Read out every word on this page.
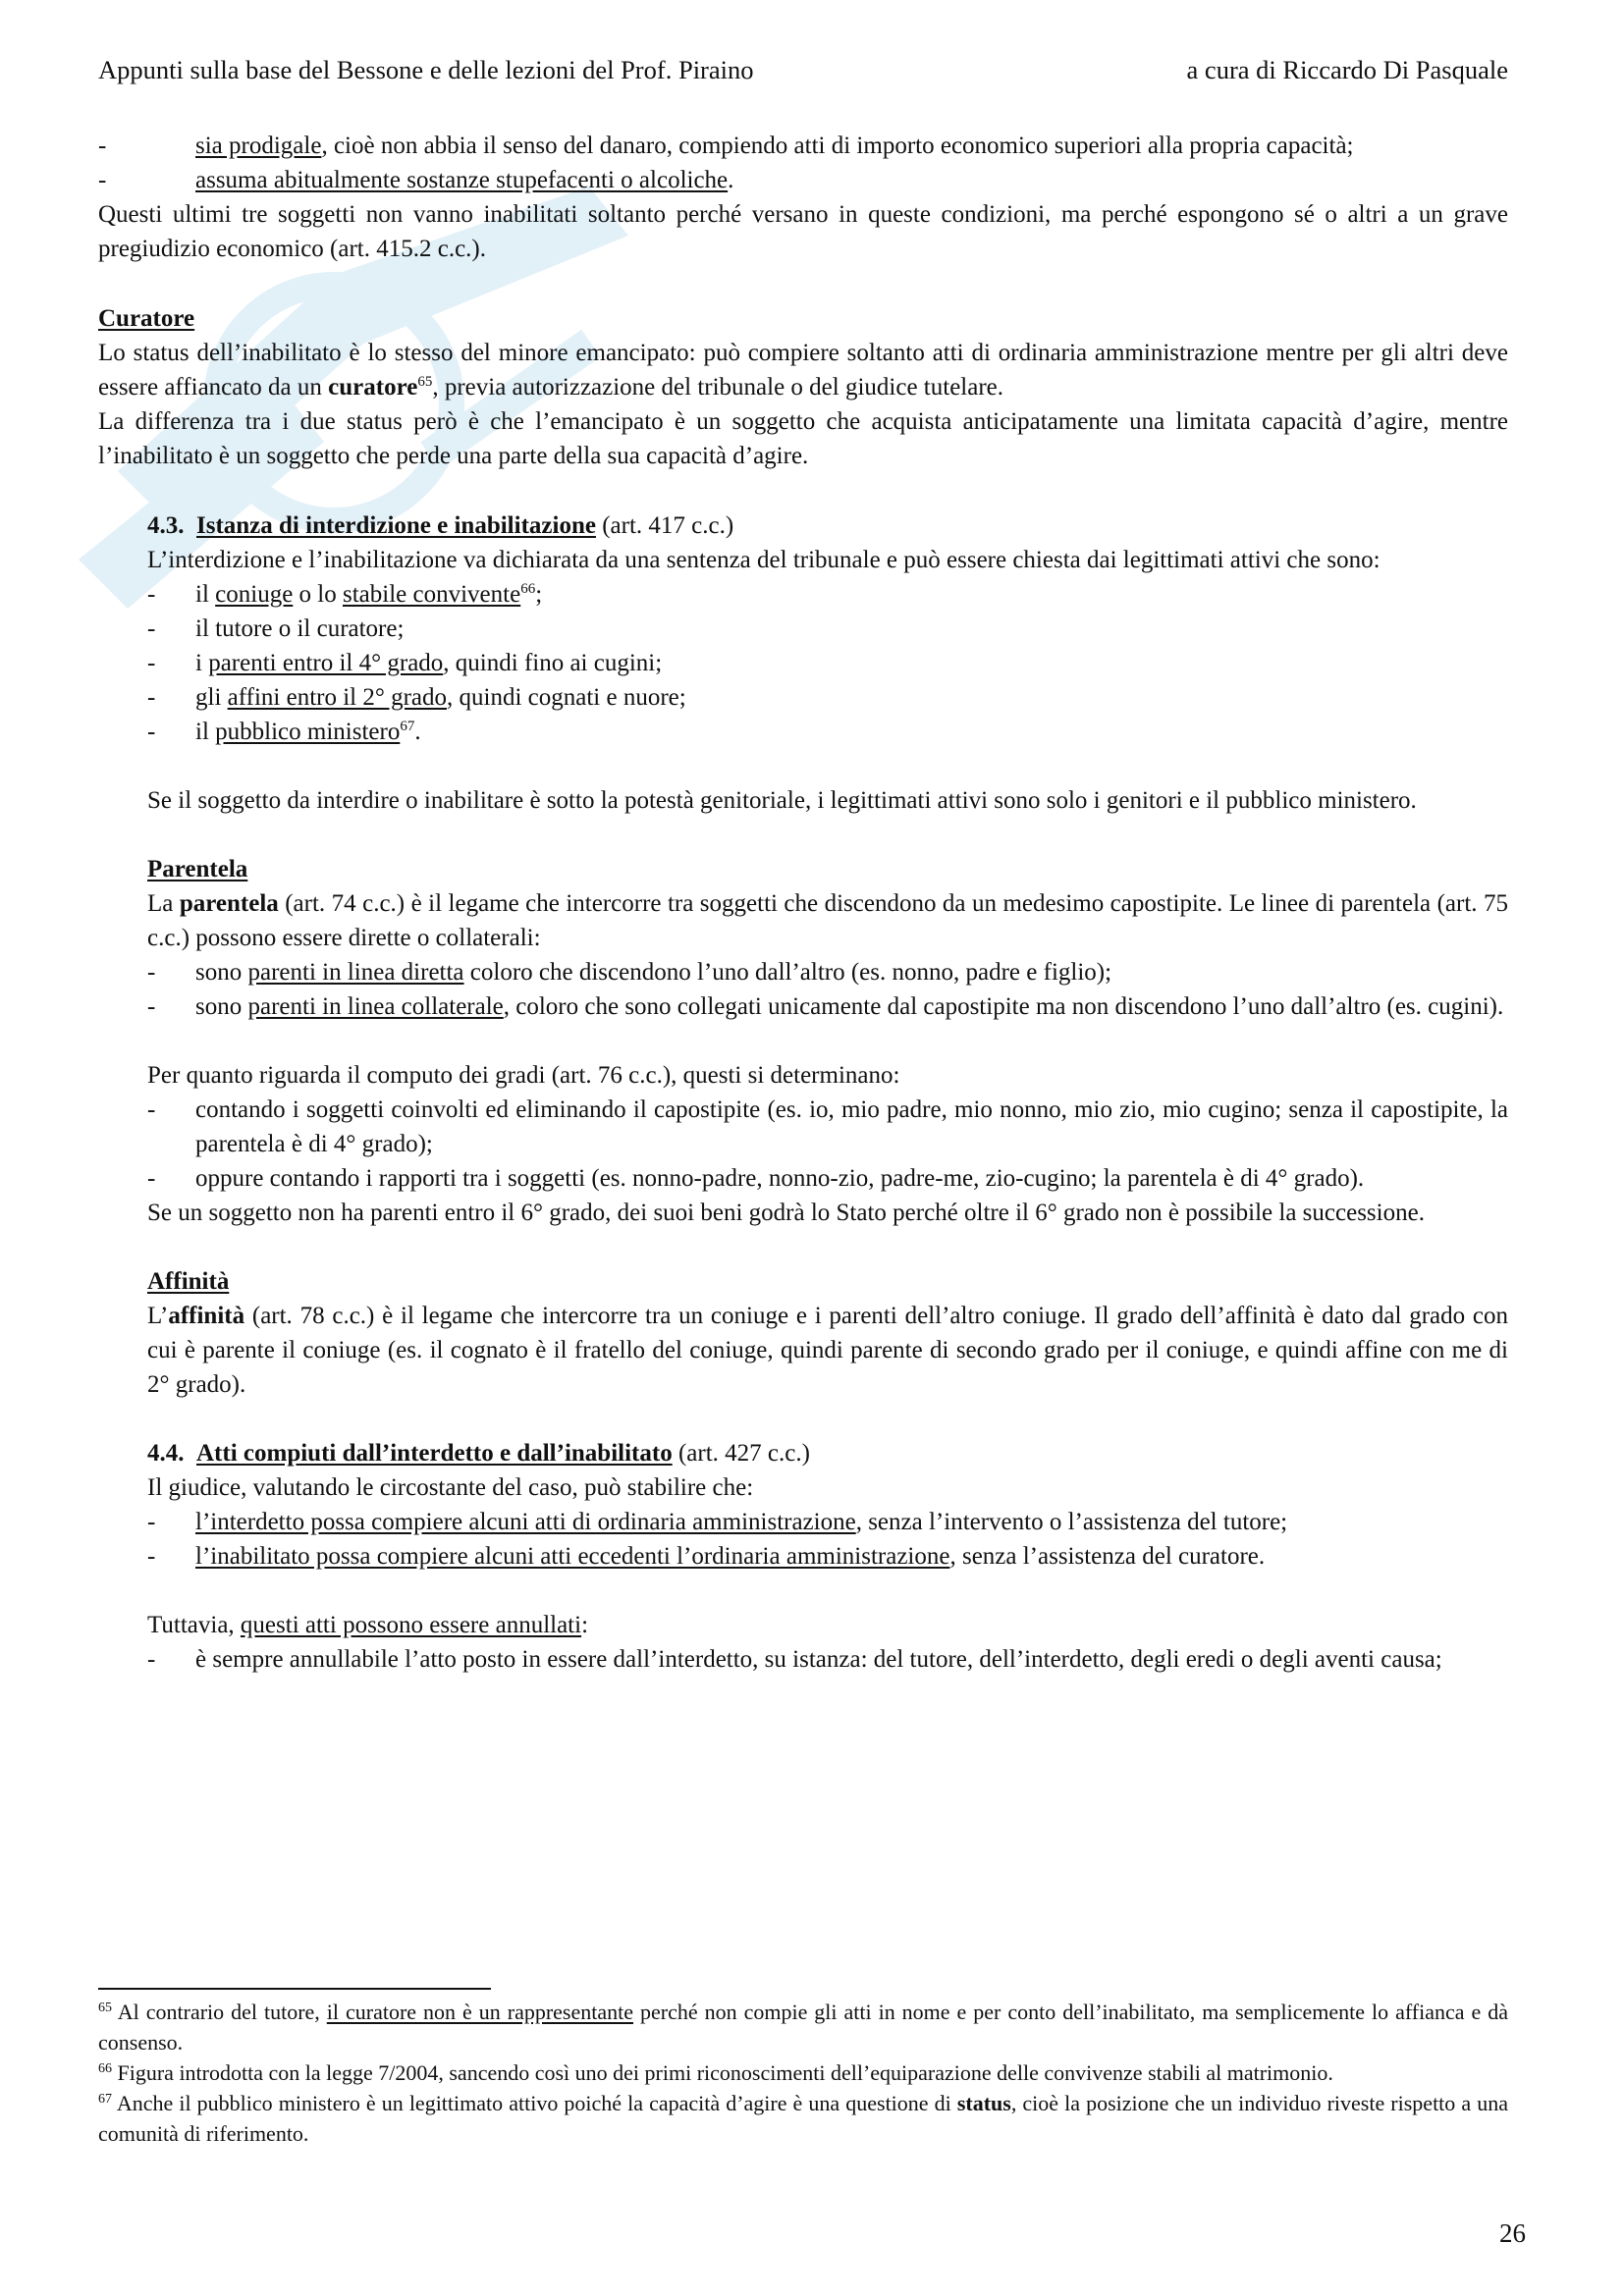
Appunti sulla base del Bessone e delle lezioni del Prof. Pirainο	a cura di Riccardo Di Pasquale
-	sia prodigale, cioè non abbia il senso del danaro, compiendo atti di importo economico superiori alla propria capacità;
-	assuma abitualmente sostanze stupefacenti o alcoliche.

Questi ultimi tre soggetti non vanno inabilitati soltanto perché versano in queste condizioni, ma perché espongono sé o altri a un grave pregiudizio economico (art. 415.2 c.c.).

Curatore

Lo status dell’inabilitato è lo stesso del minore emancipato: può compiere soltanto atti di ordinaria amministrazione mentre per gli altri deve essere affiancato da un curatore$^{65}$, previa autorizzazione del tribunale o del giudice tutelare.

La differenza tra i due status però è che l’emancipato è un soggetto che acquista anticipatamente una limitata capacità d’agire, mentre l’inabilitato è un soggetto che perde una parte della sua capacità d’agire.

4.3. Istanza di interdizione e inabilitazione (art. 417 c.c.)

L’interdizione e l’inabilitazione va dichiarata da una sentenza del tribunale e può essere chiesta dai legittimati attivi che sono:

- il coniuge o lo stabile convivente$^{66}$;
- il tutore o il curatore;
- i parenti entro il 4° grado, quindi fino ai cugini;
- gli affini entro il 2° grado, quindi cognati e nuore;
- il pubblico ministero$^{67}$.

Se il soggetto da interdire o inabilitare è sotto la potestà genitoriale, i legittimati attivi sono solo i genitori e il pubblico ministero.

Parentela

La parentela (art. 74 c.c.) è il legame che intercorre tra soggetti che discendono da un medesimo capostipite. Le linee di parentela (art. 75 c.c.) possono essere dirette o collaterali:

- sono parenti in linea diretta coloro che discendono l’uno dall’altro (es. nonno, padre e figlio);
- sono parenti in linea collaterale, coloro che sono collegati unicamente dal capostipite ma non discendono l’uno dall’altro (es. cugini).

Per quanto riguarda il computo dei gradi (art. 76 c.c.), questi si determinano:

- contando i soggetti coinvolti ed eliminando il capostipite (es. io, mio padre, mio nonno, mio zio, mio cugino; senza il capostipite, la parentela è di 4° grado);
- oppure contando i rapporti tra i soggetti (es. nonno-padre, nonno-zio, padre-me, zio-cugino; la parentela è di 4° grado).

Se un soggetto non ha parenti entro il 6° grado, dei suoi beni godrà lo Stato perché oltre il 6° grado non è possibile la successione.

Affinità

L’affinità (art. 78 c.c.) è il legame che intercorre tra un coniuge e i parenti dell’altro coniuge. Il grado dell’affinità è dato dal grado con cui è parente il coniuge (es. il cognato è il fratello del coniuge, quindi parente di secondo grado per il coniuge, e quindi affine con me di 2° grado).

4.4. Atti compiuti dall’interdetto e dall’inabilitato (art. 427 c.c.)

Il giudice, valutando le circostante del caso, può stabilire che:

- l’interdetto possa compiere alcuni atti di ordinaria amministrazione, senza l’intervento o l’assistenza del tutore;
- l’inabilitato possa compiere alcuni atti eccedenti l’ordinaria amministrazione, senza l’assistenza del curatore.

Tuttavia, questi atti possono essere annullati:

- è sempre annullabile l’atto posto in essere dall’interdetto, su istanza: del tutore, dell’interdetto, degli eredi o degli aventi causa;

$^{65}$ Al contrario del tutore, il curatore non è un rappresentante perché non compie gli atti in nome e per conto dell’inabilitato, ma semplicemente lo affianca e dà consenso.

$^{66}$ Figura introdotta con la legge 7/2004, sancendo così uno dei primi riconoscimenti dell’equiparazione delle convivenze stabili al matrimonio.

$^{67}$ Anche il pubblico ministero è un legittimato attivo poiché la capacità d’agire è una questione di status, cioè la posizione che un individuo riveste rispetto a una comunità di riferimento.

26
